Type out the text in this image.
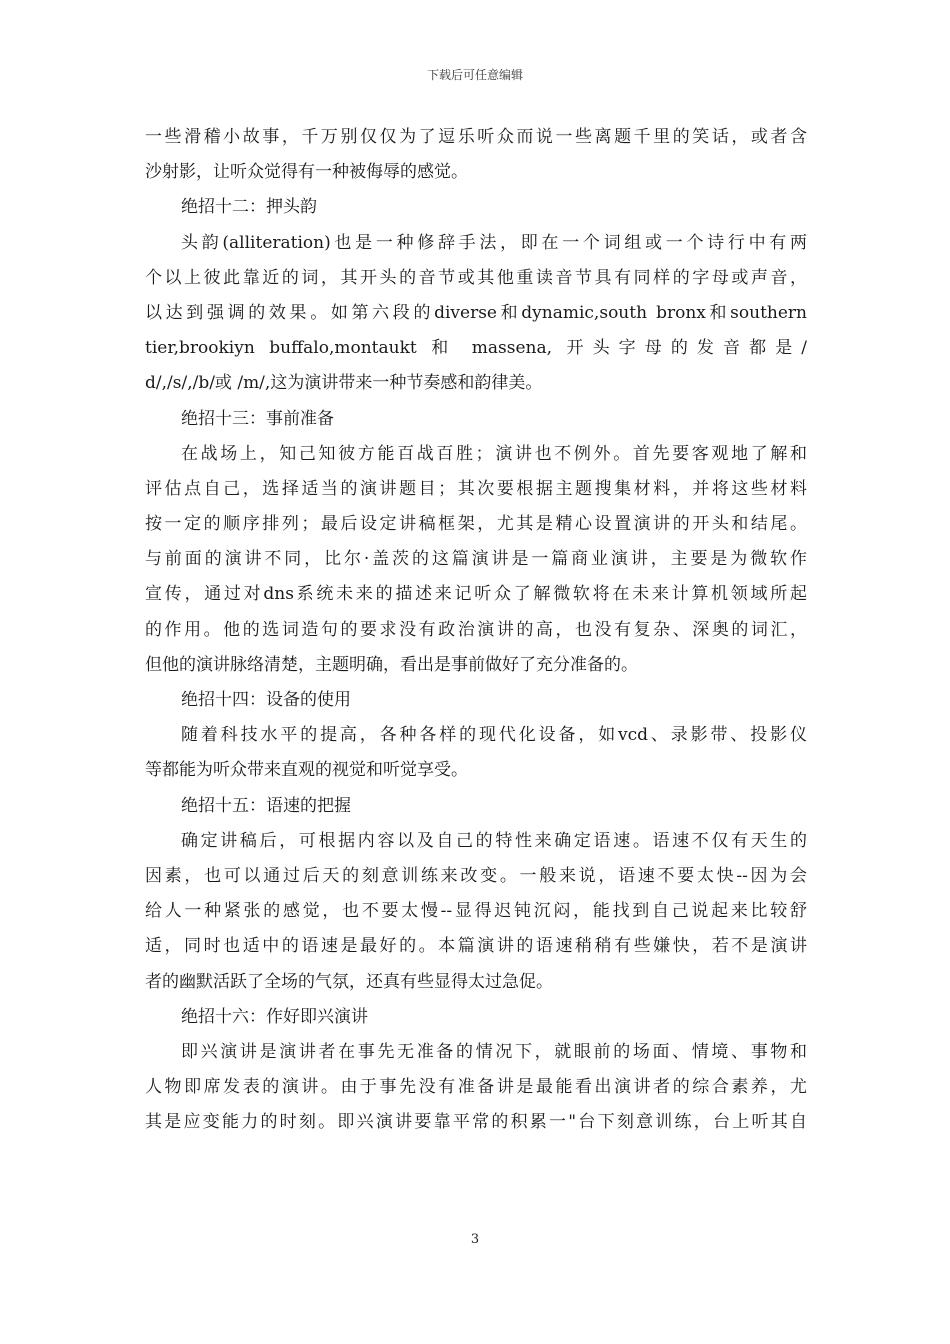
下载后可任意编辑
一些滑稽小故事，千万别仅仅为了逗乐听众而说一些离题千里的笑话，或者含
沙射影，让听众觉得有一种被侮辱的感觉。
绝招十二：押头韵
头韵(alliteration)也是一种修辞手法，即在一个词组或一个诗行中有两
个以上彼此靠近的词，其开头的音节或其他重读音节具有同样的字母或声音，
以达到强调的效果。如第六段的diverse和dynamic,south bronx和southern
tier,brookiyn buffalo,montaukt 和 massena, 开头字母的发音都是/
d/,/s/,/b/或 /m/,这为演讲带来一种节奏感和韵律美。
绝招十三：事前准备
在战场上，知己知彼方能百战百胜；演讲也不例外。首先要客观地了解和
评估点自己，选择适当的演讲题目；其次要根据主题搜集材料，并将这些材料
按一定的顺序排列；最后设定讲稿框架，尤其是精心设置演讲的开头和结尾。
与前面的演讲不同，比尔·盖茨的这篇演讲是一篇商业演讲，主要是为微软作
宣传，通过对dns系统未来的描述来记听众了解微软将在未来计算机领域所起
的作用。他的选词造句的要求没有政治演讲的高，也没有复杂、深奥的词汇，
但他的演讲脉络清楚，主题明确，看出是事前做好了充分准备的。
绝招十四：设备的使用
随着科技水平的提高，各种各样的现代化设备，如vcd、录影带、投影仪
等都能为听众带来直观的视觉和听觉享受。
绝招十五：语速的把握
确定讲稿后，可根据内容以及自己的特性来确定语速。语速不仅有天生的
因素，也可以通过后天的刻意训练来改变。一般来说，语速不要太快--因为会
给人一种紧张的感觉，也不要太慢--显得迟钝沉闷，能找到自己说起来比较舒
适，同时也适中的语速是最好的。本篇演讲的语速稍稍有些嫌快，若不是演讲
者的幽默活跃了全场的气氛，还真有些显得太过急促。
绝招十六：作好即兴演讲
即兴演讲是演讲者在事先无准备的情况下，就眼前的场面、情境、事物和
人物即席发表的演讲。由于事先没有准备讲是最能看出演讲者的综合素养，尤
其是应变能力的时刻。即兴演讲要靠平常的积累一"台下刻意训练，台上听其自
3
